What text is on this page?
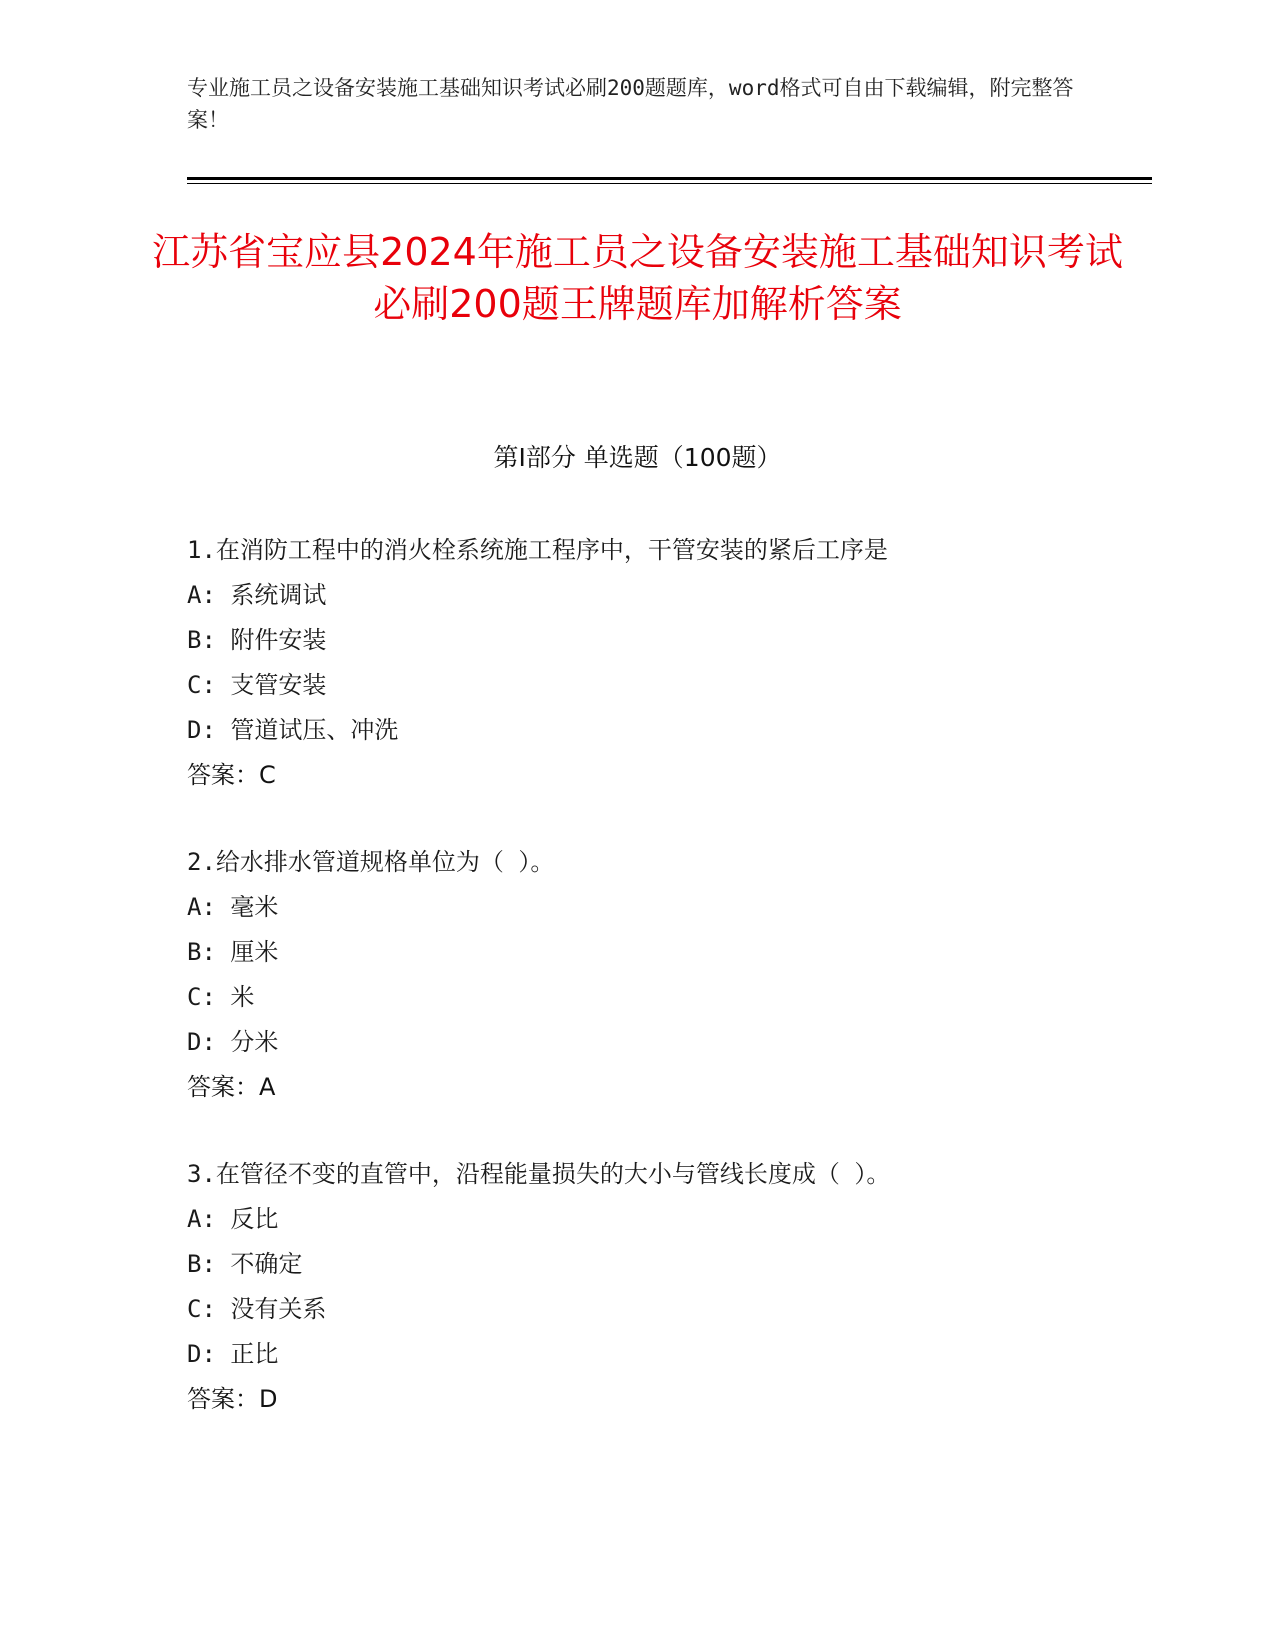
专业施工员之设备安装施工基础知识考试必刷200题题库，word格式可自由下载编辑，附完整答案！
江苏省宝应县2024年施工员之设备安装施工基础知识考试必刷200题王牌题库加解析答案
第Ⅰ部分 单选题（100题）
1.在消防工程中的消火栓系统施工程序中，干管安装的紧后工序是
A: 系统调试
B: 附件安装
C: 支管安装
D: 管道试压、冲洗
答案：C
2.给水排水管道规格单位为（ ）。
A: 毫米
B: 厘米
C: 米
D: 分米
答案：A
3.在管径不变的直管中，沿程能量损失的大小与管线长度成（ ）。
A: 反比
B: 不确定
C: 没有关系
D: 正比
答案：D
